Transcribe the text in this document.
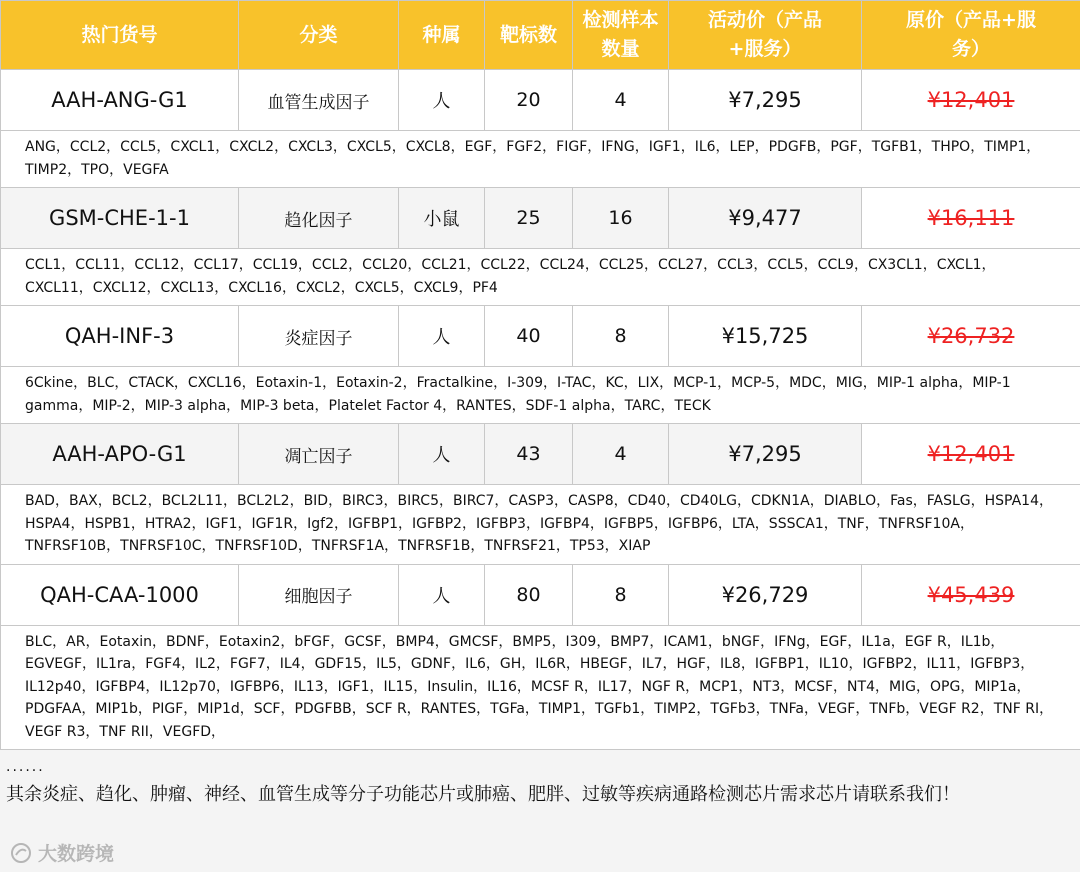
热门货号	分类	种属	靶标数	检测样本数量	活动价（产品+服务）	原价（产品+服务）
AAH-ANG-G1	血管生成因子	人	20	4	¥7,295	¥12,401
ANG，CCL2，CCL5，CXCL1，CXCL2，CXCL3，CXCL5，CXCL8，EGF，FGF2，FIGF，IFNG，IGF1，IL6，LEP，PDGFB，PGF，TGFB1，THPO，TIMP1，TIMP2，TPO，VEGFA						
GSM-CHE-1-1	趋化因子	小鼠	25	16	¥9,477	¥16,111
CCL1，CCL11，CCL12，CCL17，CCL19，CCL2，CCL20，CCL21，CCL22，CCL24，CCL25，CCL27，CCL3，CCL5，CCL9，CX3CL1，CXCL1，CXCL11，CXCL12，CXCL13，CXCL16，CXCL2，CXCL5，CXCL9，PF4						
QAH-INF-3	炎症因子	人	40	8	¥15,725	¥26,732
6Ckine，BLC，CTACK，CXCL16，Eotaxin-1，Eotaxin-2，Fractalkine，I-309，I-TAC，KC，LIX，MCP-1，MCP-5，MDC，MIG，MIP-1 alpha，MIP-1 gamma，MIP-2，MIP-3 alpha，MIP-3 beta，Platelet Factor 4，RANTES，SDF-1 alpha，TARC，TECK						
AAH-APO-G1	凋亡因子	人	43	4	¥7,295	¥12,401
BAD，BAX，BCL2，BCL2L11，BCL2L2，BID，BIRC3，BIRC5，BIRC7，CASP3，CASP8，CD40，CD40LG，CDKN1A，DIABLO，Fas，FASLG，HSPA14，HSPA4，HSPB1，HTRA2，IGF1，IGF1R，Igf2，IGFBP1，IGFBP2，IGFBP3，IGFBP4，IGFBP5，IGFBP6，LTA，SSSCA1，TNF，TNFRSF10A，TNFRSF10B，TNFRSF10C，TNFRSF10D，TNFRSF1A，TNFRSF1B，TNFRSF21，TP53，XIAP						
QAH-CAA-1000	细胞因子	人	80	8	¥26,729	¥45,439
BLC，AR，Eotaxin，BDNF，Eotaxin2，bFGF，GCSF，BMP4，GMCSF，BMP5，I309，BMP7，ICAM1，bNGF，IFNg，EGF，IL1a，EGF R，IL1b，EGVEGF，IL1ra，FGF4，IL2，FGF7，IL4，GDF15，IL5，GDNF，IL6，GH，IL6R，HBEGF，IL7，HGF，IL8，IGFBP1，IL10，IGFBP2，IL11，IGFBP3，IL12p40，IGFBP4，IL12p70，IGFBP6，IL13，IGF1，IL15，Insulin，IL16，MCSF R，IL17，NGF R，MCP1，NT3，MCSF，NT4，MIG，OPG，MIP1a，PDGFAA，MIP1b，PIGF，MIP1d，SCF，PDGFBB，SCF R，RANTES，TGFa，TIMP1，TGFb1，TIMP2，TGFb3，TNFa，VEGF，TNFb，VEGF R2，TNF RI，VEGF R3，TNF RII，VEGFD，						
......
其余炎症、趋化、肿瘤、神经、血管生成等分子功能芯片或肺癌、肥胖、过敏等疾病通路检测芯片需求芯片请联系我们！
大数跨境
